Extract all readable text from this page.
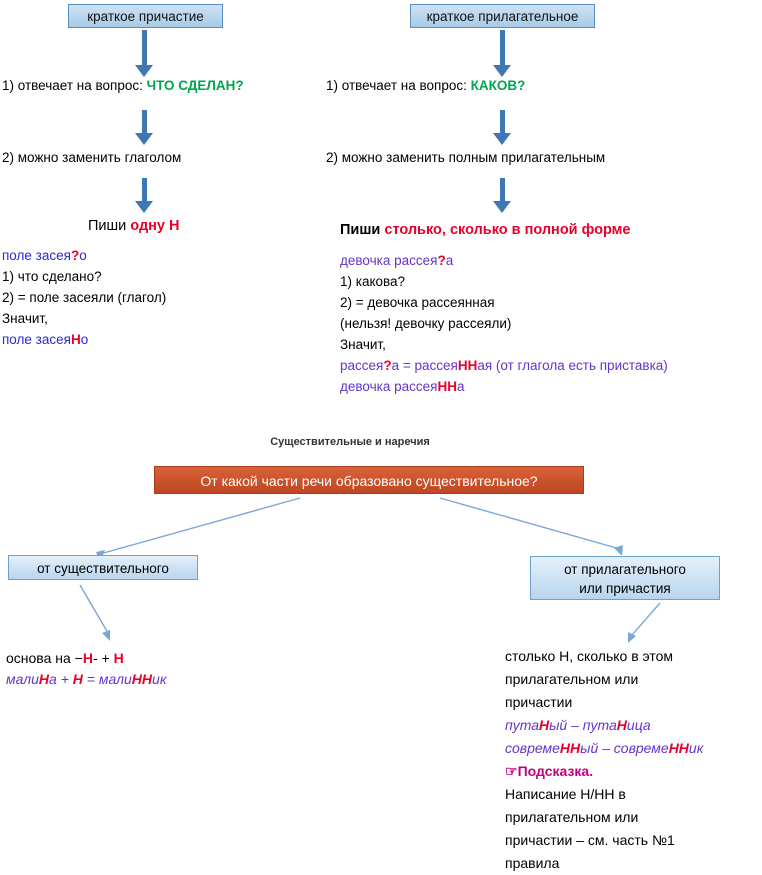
краткое причастие
1) отвечает на вопрос: ЧТО СДЕЛАН?
2) можно заменить глаголом
Пиши одну Н
поле засея?о
1) что сделано?
2) = поле засеяли (глагол)
Значит,
поле засеяНо
краткое прилагательное
1) отвечает на вопрос: КАКОВ?
2) можно заменить полным прилагательным
Пиши столько, сколько в полной форме
девочка рассея?а
1) какова?
2) = девочка рассеянная
(нельзя! девочку рассеяли)
Значит,
рассея?а = рассеяННая (от глагола есть приставка)
девочка рассеяННа
Существительные и наречия
От какой части речи образовано существительное?
от существительного	от прилагательного
или причастия
основа на −Н- + Н
малиНа + Н = малиННик
столько Н, сколько в этом
прилагательном или
причастии
путаНый – путаНица
совремеННый – совремеННик
☞Подсказка.
Написание Н/НН в
прилагательном или
причастии – см. часть №1
правила
